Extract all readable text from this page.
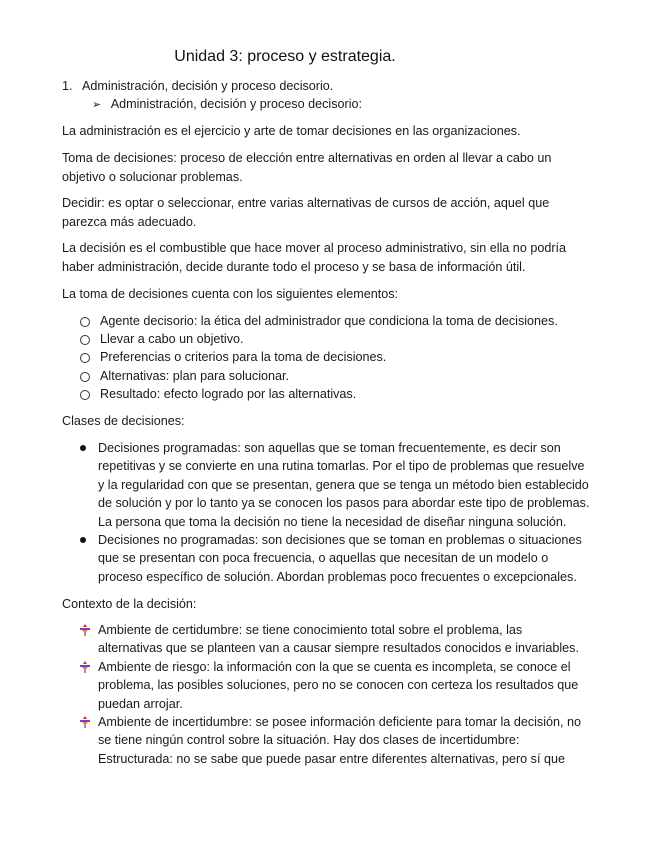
Unidad 3: proceso y estrategia.
1. Administración, decisión y proceso decisorio.
➢ Administración, decisión y proceso decisorio:

La administración es el ejercicio y arte de tomar decisiones en las organizaciones.

Toma de decisiones: proceso de elección entre alternativas en orden al llevar a cabo un

objetivo o solucionar problemas.

Decidir: es optar o seleccionar, entre varias alternativas de cursos de acción, aquel que

parezca más adecuado.

La decisión es el combustible que hace mover al proceso administrativo, sin ella no podría

haber administración, decide durante todo el proceso y se basa de información útil.

La toma de decisiones cuenta con los siguientes elementos:

Agente decisorio: la ética del administrador que condiciona la toma de decisiones.
Llevar a cabo un objetivo.
Preferencias o criterios para la toma de decisiones.
Alternativas: plan para solucionar.
Resultado: efecto logrado por las alternativas.

Clases de decisiones:

Decisiones programadas: son aquellas que se toman frecuentemente, es decir son
repetitivas y se convierte en una rutina tomarlas. Por el tipo de problemas que resuelve
y la regularidad con que se presentan, genera que se tenga un método bien establecido
de solución y por lo tanto ya se conocen los pasos para abordar este tipo de problemas.
La persona que toma la decisión no tiene la necesidad de diseñar ninguna solución.
Decisiones no programadas: son decisiones que se toman en problemas o situaciones
que se presentan con poca frecuencia, o aquellas que necesitan de un modelo o
proceso específico de solución. Abordan problemas poco frecuentes o excepcionales.

Contexto de la decisión:

Ambiente de certidumbre: se tiene conocimiento total sobre el problema, las
alternativas que se planteen van a causar siempre resultados conocidos e invariables.
Ambiente de riesgo: la información con la que se cuenta es incompleta, se conoce el
problema, las posibles soluciones, pero no se conocen con certeza los resultados que
puedan arrojar.
Ambiente de incertidumbre: se posee información deficiente para tomar la decisión, no
se tiene ningún control sobre la situación. Hay dos clases de incertidumbre:
Estructurada: no se sabe que puede pasar entre diferentes alternativas, pero sí que
